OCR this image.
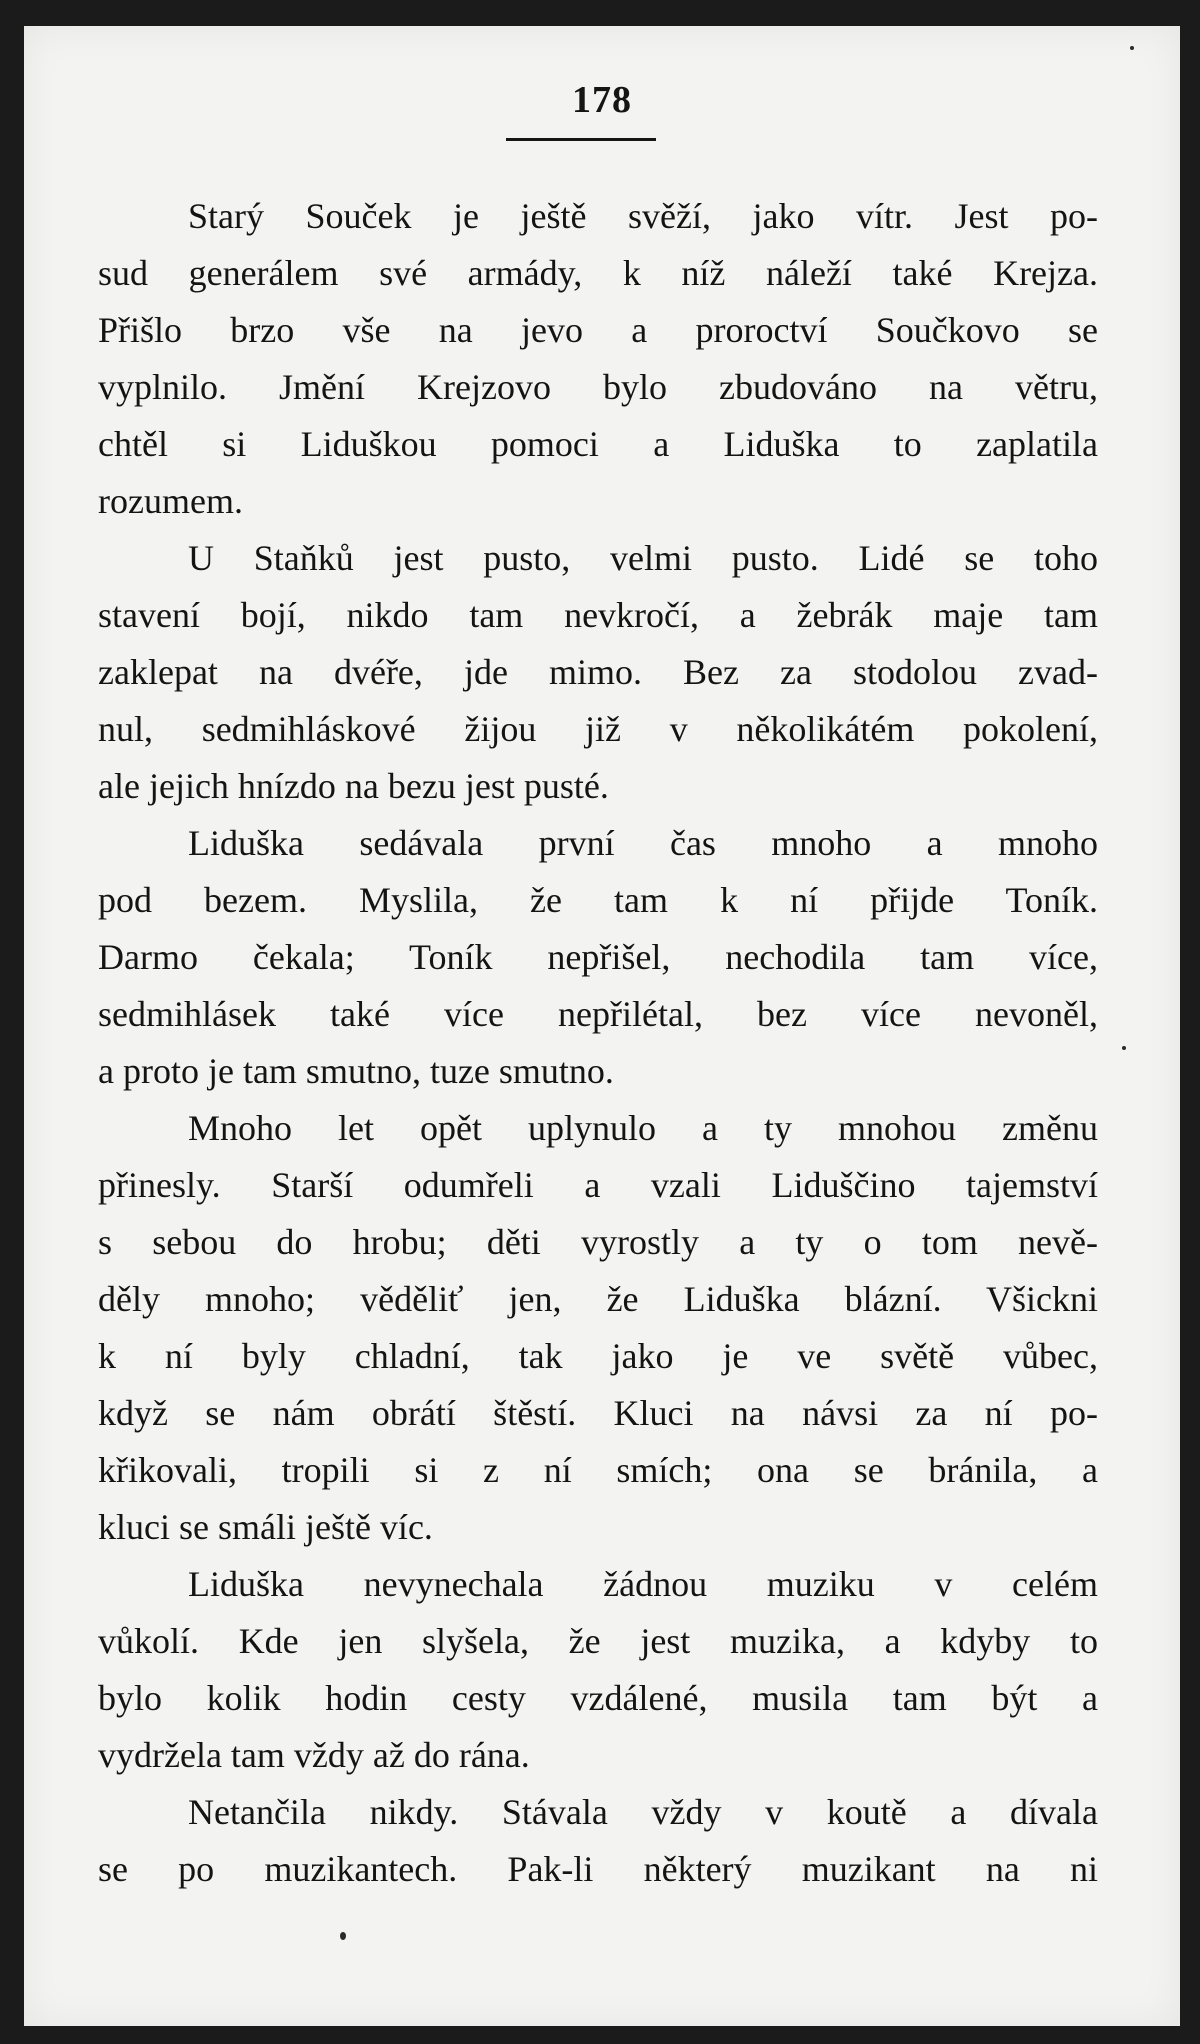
178
Starý Souček je ještě svěží, jako vítr. Jest po-
sud generálem své armády, k níž náleží také Krejza.
Přišlo brzo vše na jevo a proroctví Součkovo se
vyplnilo. Jmění Krejzovo bylo zbudováno na větru,
chtěl si Liduškou pomoci a Liduška to zaplatila
rozumem.
U Staňků jest pusto, velmi pusto. Lidé se toho
stavení bojí, nikdo tam nevkročí, a žebrák maje tam
zaklepat na dvéře, jde mimo. Bez za stodolou zvad-
nul, sedmihláskové žijou již v několikátém pokolení,
ale jejich hnízdo na bezu jest pusté.
Liduška sedávala první čas mnoho a mnoho
pod bezem. Myslila, že tam k ní přijde Toník.
Darmo čekala; Toník nepřišel, nechodila tam více,
sedmihlásek také více nepřilétal, bez více nevoněl,
a proto je tam smutno, tuze smutno.
Mnoho let opět uplynulo a ty mnohou změnu
přinesly. Starší odumřeli a vzali Liduščino tajemství
s sebou do hrobu; děti vyrostly a ty o tom nevě-
děly mnoho; věděliť jen, že Liduška blázní. Všickni
k ní byly chladní, tak jako je ve světě vůbec,
když se nám obrátí štěstí. Kluci na návsi za ní po-
křikovali, tropili si z ní smích; ona se bránila, a
kluci se smáli ještě víc.
Liduška nevynechala žádnou muziku v celém
vůkolí. Kde jen slyšela, že jest muzika, a kdyby to
bylo kolik hodin cesty vzdálené, musila tam být a
vydržela tam vždy až do rána.
Netančila nikdy. Stávala vždy v koutě a dívala
se po muzikantech. Pak-li některý muzikant na ni
